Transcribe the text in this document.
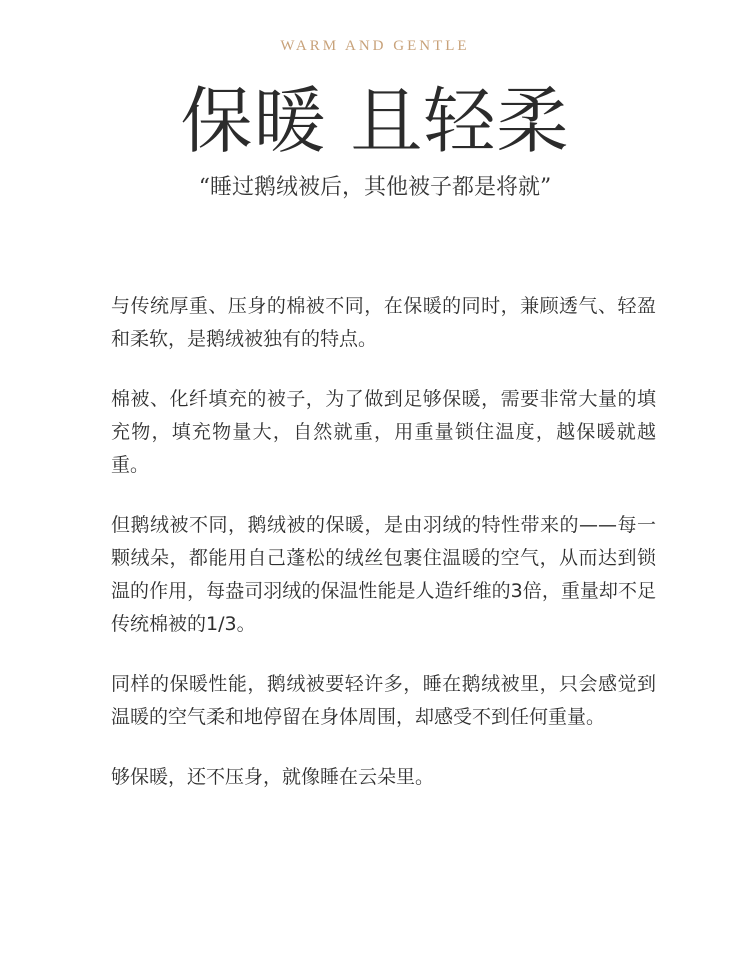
WARM AND GENTLE
保暖 且轻柔
“睡过鹅绒被后，其他被子都是将就”

与传统厚重、压身的棉被不同，在保暖的同时，兼顾透气、轻盈和柔软，是鹅绒被独有的特点。

棉被、化纤填充的被子，为了做到足够保暖，需要非常大量的填充物，填充物量大，自然就重，用重量锁住温度，越保暖就越重。

但鹅绒被不同，鹅绒被的保暖，是由羽绒的特性带来的——每一颗绒朵，都能用自己蓬松的绒丝包裹住温暖的空气，从而达到锁温的作用，每盎司羽绒的保温性能是人造纤维的3倍，重量却不足传统棉被的1/3。

同样的保暖性能，鹅绒被要轻许多，睡在鹅绒被里，只会感觉到温暖的空气柔和地停留在身体周围，却感受不到任何重量。

够保暖，还不压身，就像睡在云朵里。
